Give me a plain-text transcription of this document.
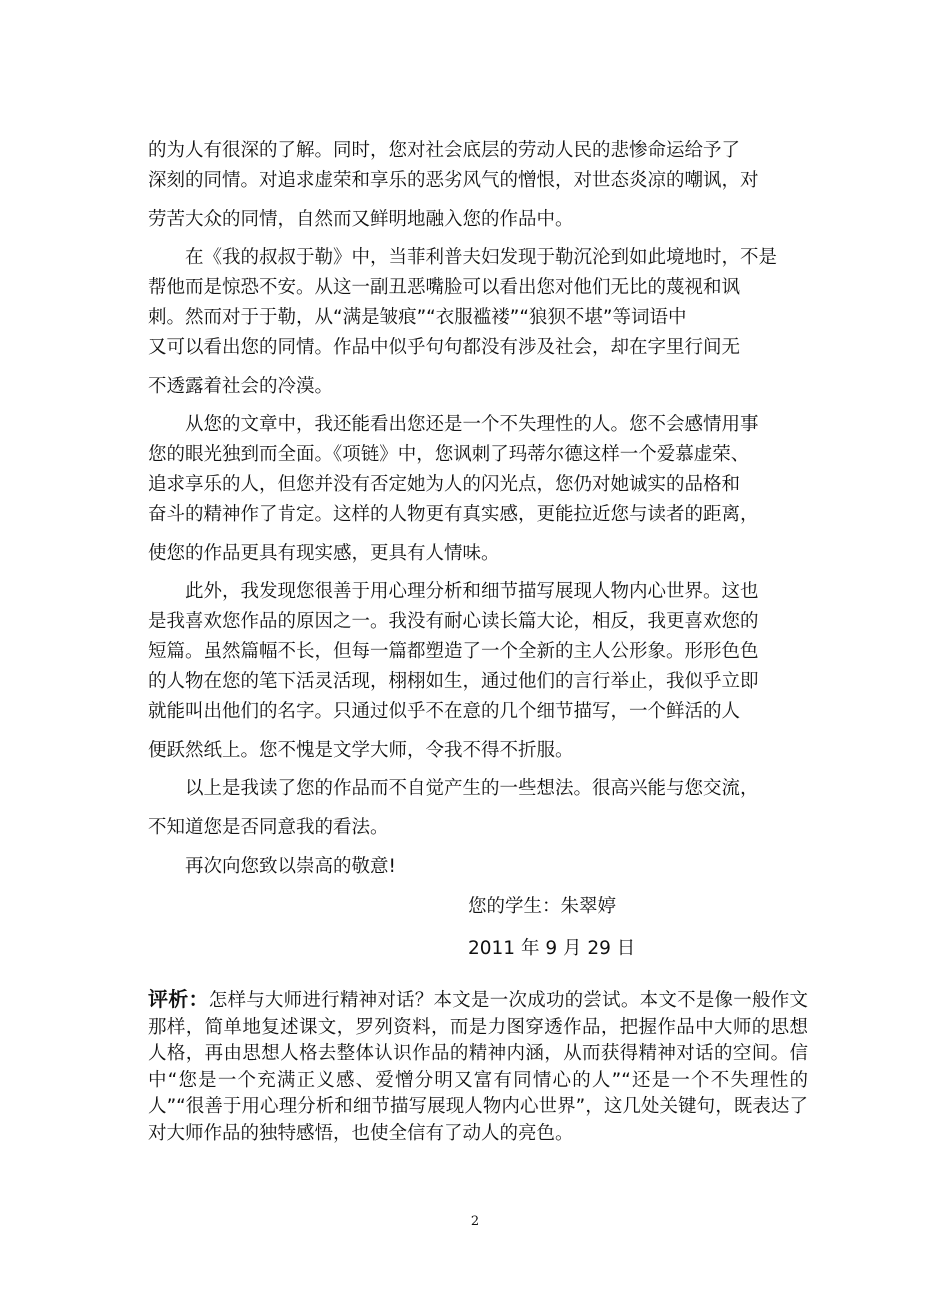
的为人有很深的了解。同时，您对社会底层的劳动人民的悲惨命运给予了
深刻的同情。对追求虚荣和享乐的恶劣风气的憎恨，对世态炎凉的嘲讽，对
劳苦大众的同情，自然而又鲜明地融入您的作品中。
在《我的叔叔于勒》中，当菲利普夫妇发现于勒沉沦到如此境地时，不是
帮他而是惊恐不安。从这一副丑恶嘴脸可以看出您对他们无比的蔑视和讽
刺。然而对于于勒，从“满是皱痕”“衣服褴褛”“狼狈不堪”等词语中
又可以看出您的同情。作品中似乎句句都没有涉及社会，却在字里行间无
不透露着社会的冷漠。
从您的文章中，我还能看出您还是一个不失理性的人。您不会感情用事
您的眼光独到而全面。《项链》中，您讽刺了玛蒂尔德这样一个爱慕虚荣、
追求享乐的人，但您并没有否定她为人的闪光点，您仍对她诚实的品格和
奋斗的精神作了肯定。这样的人物更有真实感，更能拉近您与读者的距离，
使您的作品更具有现实感，更具有人情味。
此外，我发现您很善于用心理分析和细节描写展现人物内心世界。这也
是我喜欢您作品的原因之一。我没有耐心读长篇大论，相反，我更喜欢您的
短篇。虽然篇幅不长，但每一篇都塑造了一个全新的主人公形象。形形色色
的人物在您的笔下活灵活现，栩栩如生，通过他们的言行举止，我似乎立即
就能叫出他们的名字。只通过似乎不在意的几个细节描写，一个鲜活的人
便跃然纸上。您不愧是文学大师，令我不得不折服。
以上是我读了您的作品而不自觉产生的一些想法。很高兴能与您交流，
不知道您是否同意我的看法。
再次向您致以崇高的敬意!
您的学生：朱翠婷
2011 年 9 月 29 日
评析：怎样与大师进行精神对话？本文是一次成功的尝试。本文不是像一般作文那样，简单地复述课文，罗列资料，而是力图穿透作品，把握作品中大师的思想人格，再由思想人格去整体认识作品的精神内涵，从而获得精神对话的空间。信中“您是一个充满正义感、爱憎分明又富有同情心的人”“还是一个不失理性的人”“很善于用心理分析和细节描写展现人物内心世界”，这几处关键句，既表达了对大师作品的独特感悟，也使全信有了动人的亮色。
2
